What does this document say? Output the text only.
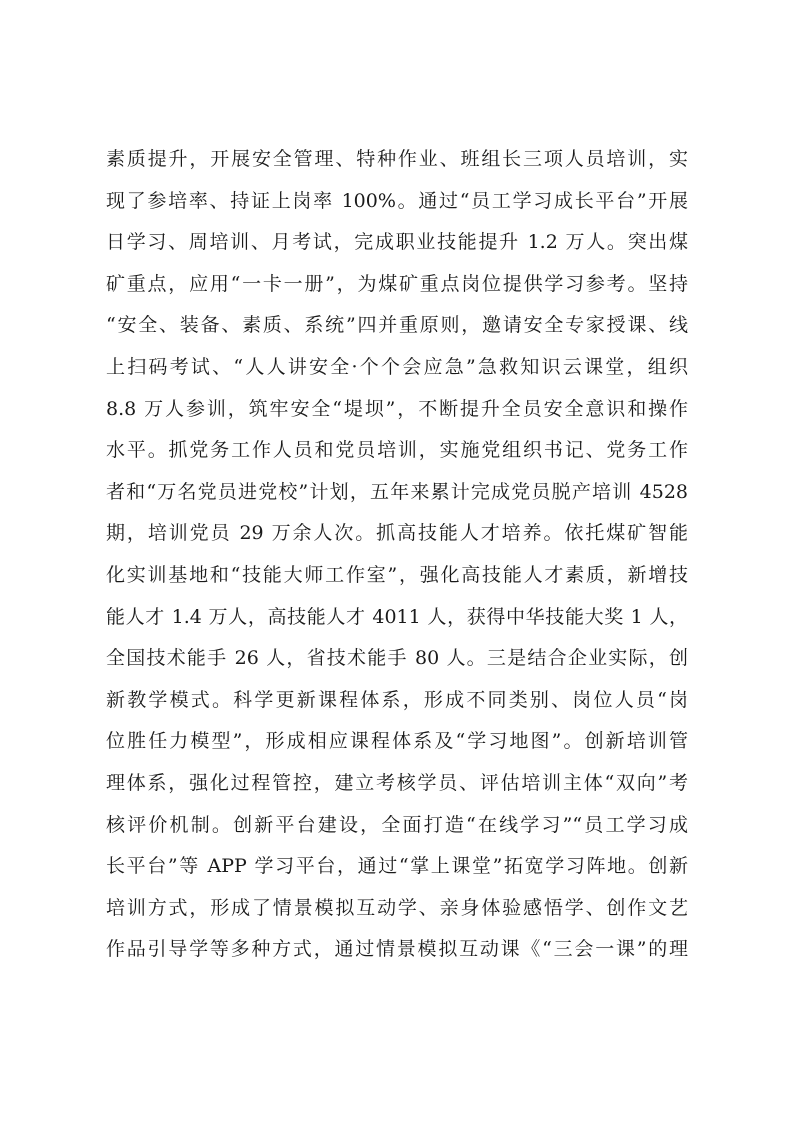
素质提升，开展安全管理、特种作业、班组长三项人员培训，实
现了参培率、持证上岗率 100%。通过“员工学习成长平台”开展
日学习、周培训、月考试，完成职业技能提升 1.2 万人。突出煤
矿重点，应用“一卡一册”，为煤矿重点岗位提供学习参考。坚持
“安全、装备、素质、系统”四并重原则，邀请安全专家授课、线
上扫码考试、“人人讲安全·个个会应急”急救知识云课堂，组织
8.8 万人参训，筑牢安全“堤坝”，不断提升全员安全意识和操作
水平。抓党务工作人员和党员培训，实施党组织书记、党务工作
者和“万名党员进党校”计划，五年来累计完成党员脱产培训 4528
期，培训党员 29 万余人次。抓高技能人才培养。依托煤矿智能
化实训基地和“技能大师工作室”，强化高技能人才素质，新增技
能人才 1.4 万人，高技能人才 4011 人，获得中华技能大奖 1 人，
全国技术能手 26 人，省技术能手 80 人。三是结合企业实际，创
新教学模式。科学更新课程体系，形成不同类别、岗位人员“岗
位胜任力模型”，形成相应课程体系及“学习地图”。创新培训管
理体系，强化过程管控，建立考核学员、评估培训主体“双向”考
核评价机制。创新平台建设，全面打造“在线学习”“员工学习成
长平台”等 APP 学习平台，通过“掌上课堂”拓宽学习阵地。创新
培训方式，形成了情景模拟互动学、亲身体验感悟学、创作文艺
作品引导学等多种方式，通过情景模拟互动课《“三会一课”的理
